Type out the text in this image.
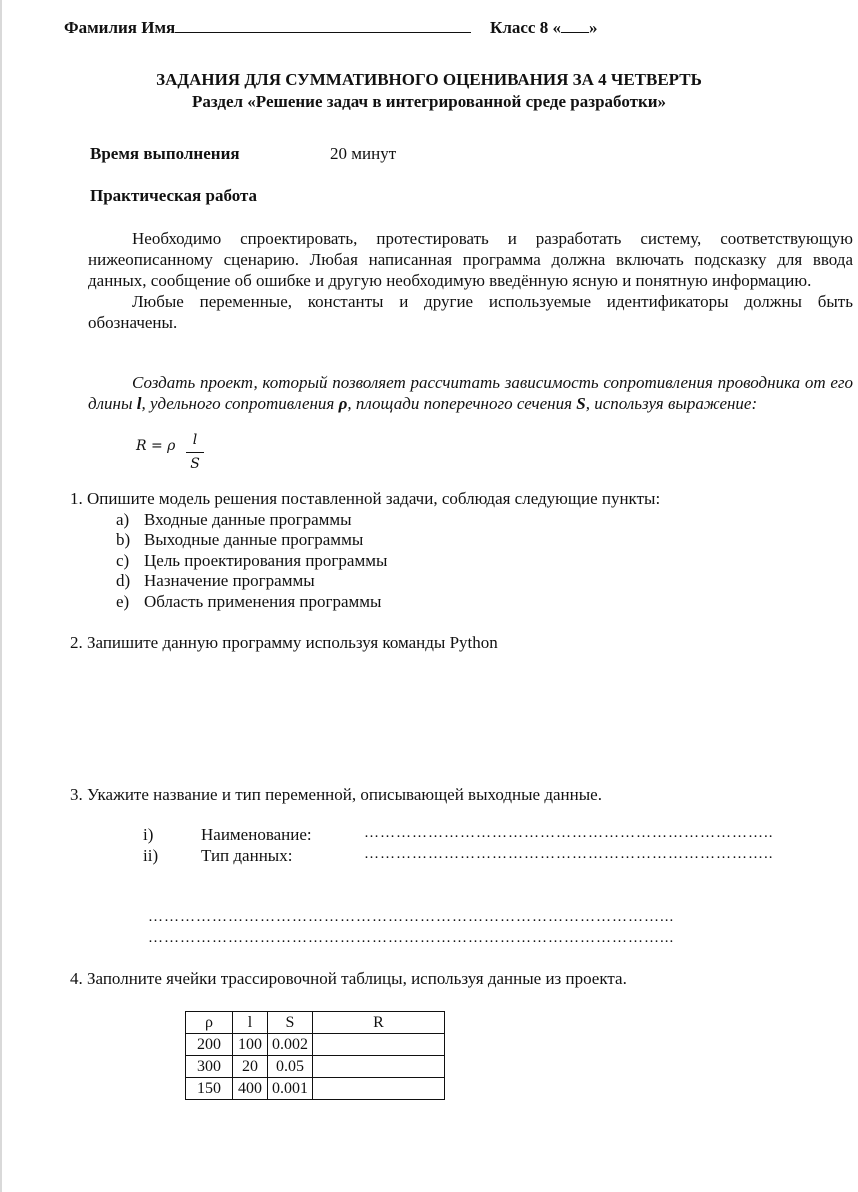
Фамилия Имя	Класс 8 « »
ЗАДАНИЯ ДЛЯ СУММАТИВНОГО ОЦЕНИВАНИЯ ЗА 4 ЧЕТВЕРТЬ
Раздел «Решение задач в интегрированной среде разработки»
Время выполнения	20 минут
Практическая работа

Необходимо спроектировать, протестировать и разработать систему, соответствующую нижеописанному сценарию. Любая написанная программа должна включать подсказку для ввода данных, сообщение об ошибке и другую необходимую введённую ясную и понятную информацию.

Любые переменные, константы и другие используемые идентификаторы должны быть обозначены.

Создать проект, который позволяет рассчитать зависимость сопротивления проводника от его длины l, удельного сопротивления ρ, площади поперечного сечения S, используя выражение:

R = ρ	l
S
1. Опишите модель решения поставленной задачи, соблюдая следующие пункты:
a) Входные данные программы
b) Выходные данные программы
c) Цель проектирования программы
d) Назначение программы
e) Область применения программы
2. Запишите данную программу используя команды Python
3. Укажите название и тип переменной, описывающей выходные данные.
i)	Наименование:
ii)	Тип данных:
…………………………………………………………………..
…………………………………………………………………..
……………………………………………………………………………………...
……………………………………………………………………………………...
4. Заполните ячейки трассировочной таблицы, используя данные из проекта.
ρ	l	S	R
200	100	0.002	
300	20	0.05	
150	400	0.001	
